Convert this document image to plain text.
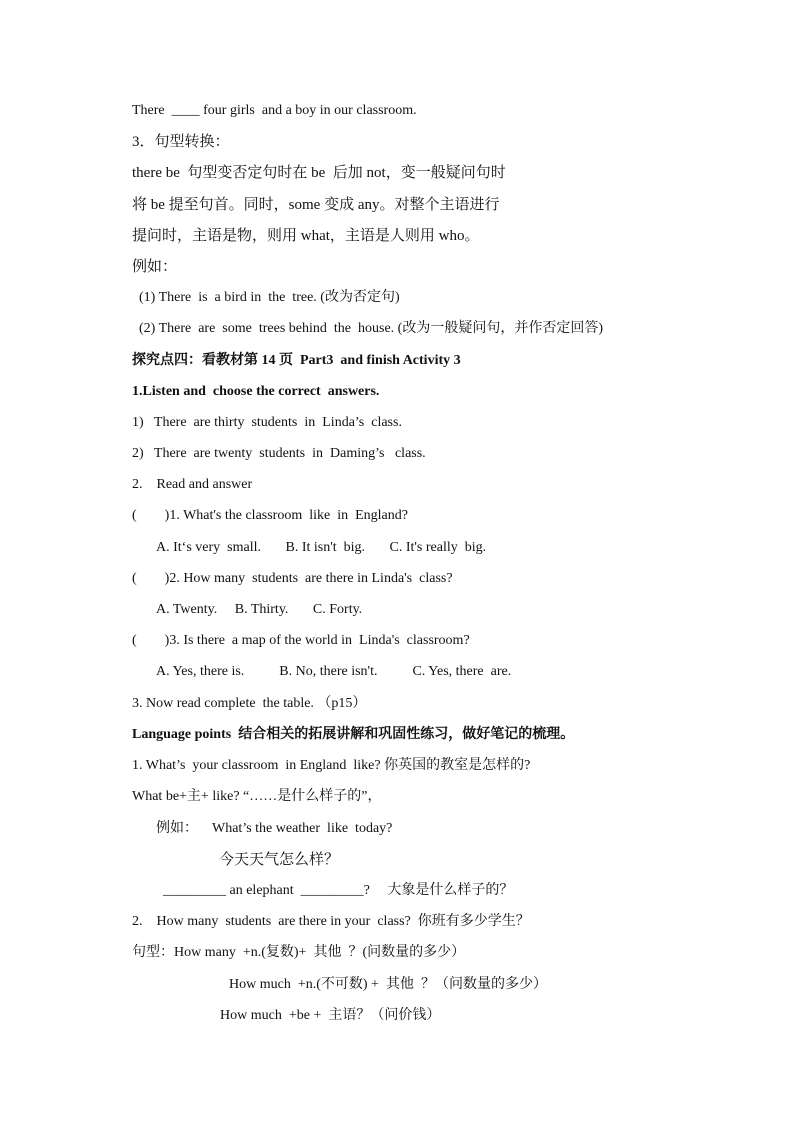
There  ____ four girls  and a boy in our classroom.
3．句型转换：
there be  句型变否定句时在 be  后加 not，变一般疑问句时
将 be 提至句首。同时，some 变成 any。对整个主语进行
提问时，主语是物，则用 what，主语是人则用 who。
例如：
(1) There  is  a bird in  the  tree. (改为否定句)
(2) There  are  some  trees behind  the  house. (改为一般疑问句，并作否定回答)
探究点四：看教材第 14 页  Part3  and finish Activity 3
1.Listen and  choose the correct  answers.
1)   There  are thirty  students  in  Linda’s  class.
2)   There  are twenty  students  in  Daming’s   class.
2.    Read and answer
(        )1. What's the classroom  like  in  England?
A. It‘s very  small.       B. It isn't  big.       C. It's really  big.
(        )2. How many  students  are there in Linda's  class?
A. Twenty.     B. Thirty.       C. Forty.
(        )3. Is there  a map of the world in  Linda's  classroom?
A. Yes, there is.          B. No, there isn't.          C. Yes, there  are.
3. Now read complete  the table. （p15）
Language points  结合相关的拓展讲解和巩固性练习，做好笔记的梳理。
1. What’s  your classroom  in England  like? 你英国的教室是怎样的?
What be+主+ like? “……是什么样子的”，
例如：    What’s the weather  like  today?
今天天气怎么样？
_________ an elephant  _________?     大象是什么样子的？
2.    How many  students  are there in your  class?  你班有多少学生？
句型：How many  +n.(复数)+  其他  ？(问数量的多少）
How much  +n.(不可数) +  其他  ？（问数量的多少）
How much  +be +  主语？（问价钱）
